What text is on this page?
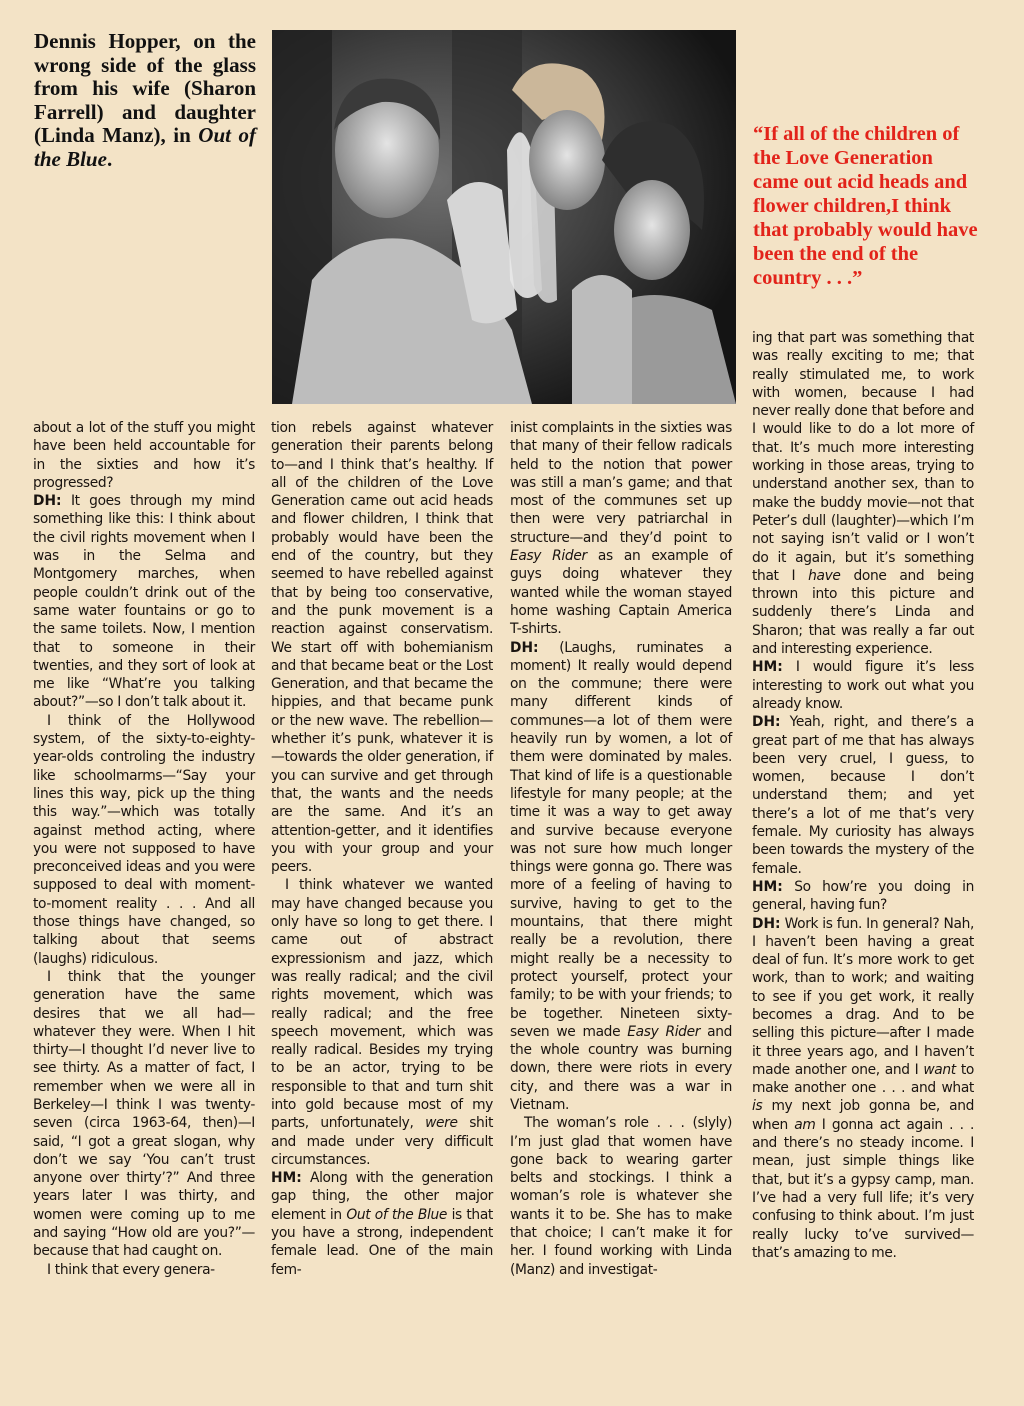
Dennis Hopper, on the wrong side of the glass from his wife (Sharon Farrell) and daughter (Linda Manz), in Out of the Blue.
“If all of the children of the Love Generation came out acid heads and flower children,I think that probably would have been the end of the country . . .”

about a lot of the stuff you might have been held accountable for in the sixties and how it’s progressed?

DH: It goes through my mind something like this: I think about the civil rights movement when I was in the Selma and Montgomery marches, when people couldn’t drink out of the same water fountains or go to the same toilets. Now, I mention that to someone in their twenties, and they sort of look at me like “What’re you talking about?”—so I don’t talk about it.

I think of the Hollywood system, of the sixty-to-eighty-year-olds controling the industry like schoolmarms—“Say your lines this way, pick up the thing this way.”—which was totally against method acting, where you were not supposed to have preconceived ideas and you were supposed to deal with moment-to-moment reality . . . And all those things have changed, so talking about that seems (laughs) ridiculous.

I think that the younger generation have the same desires that we all had—whatever they were. When I hit thirty—I thought I’d never live to see thirty. As a matter of fact, I remember when we were all in Berkeley—I think I was twenty-seven (circa 1963-64, then)—I said, “I got a great slogan, why don’t we say ‘You can’t trust anyone over thirty’?” And three years later I was thirty, and women were coming up to me and saying “How old are you?”—because that had caught on.

I think that every genera-

tion rebels against whatever generation their parents belong to—and I think that’s healthy. If all of the children of the Love Generation came out acid heads and flower children, I think that probably would have been the end of the country, but they seemed to have rebelled against that by being too conservative, and the punk movement is a reaction against conservatism. We start off with bohemianism and that became beat or the Lost Generation, and that became the hippies, and that became punk or the new wave. The rebellion—whether it’s punk, whatever it is—towards the older generation, if you can survive and get through that, the wants and the needs are the same. And it’s an attention-getter, and it identifies you with your group and your peers.

I think whatever we wanted may have changed because you only have so long to get there. I came out of abstract expressionism and jazz, which was really radical; and the civil rights movement, which was really radical; and the free speech movement, which was really radical. Besides my trying to be an actor, trying to be responsible to that and turn shit into gold because most of my parts, unfortunately, were shit and made under very difficult circumstances.

HM: Along with the generation gap thing, the other major element in Out of the Blue is that you have a strong, independent female lead. One of the main fem-

inist complaints in the sixties was that many of their fellow radicals held to the notion that power was still a man’s game; and that most of the communes set up then were very patriarchal in structure—and they’d point to Easy Rider as an example of guys doing whatever they wanted while the woman stayed home washing Captain America T-shirts.

DH: (Laughs, ruminates a moment) It really would depend on the commune; there were many different kinds of communes—a lot of them were heavily run by women, a lot of them were dominated by males. That kind of life is a questionable lifestyle for many people; at the time it was a way to get away and survive because everyone was not sure how much longer things were gonna go. There was more of a feeling of having to survive, having to get to the mountains, that there might really be a revolution, there might really be a necessity to protect yourself, protect your family; to be with your friends; to be together. Nineteen sixty-seven we made Easy Rider and the whole country was burning down, there were riots in every city, and there was a war in Vietnam.

The woman’s role . . . (slyly) I’m just glad that women have gone back to wearing garter belts and stockings. I think a woman’s role is whatever she wants it to be. She has to make that choice; I can’t make it for her. I found working with Linda (Manz) and investigat-

ing that part was something that was really exciting to me; that really stimulated me, to work with women, because I had never really done that before and I would like to do a lot more of that. It’s much more interesting working in those areas, trying to understand another sex, than to make the buddy movie—not that Peter’s dull (laughter)—which I’m not saying isn’t valid or I won’t do it again, but it’s something that I have done and being thrown into this picture and suddenly there’s Linda and Sharon; that was really a far out and interesting experience.

HM: I would figure it’s less interesting to work out what you already know.

DH: Yeah, right, and there’s a great part of me that has always been very cruel, I guess, to women, because I don’t understand them; and yet there’s a lot of me that’s very female. My curiosity has always been towards the mystery of the female.

HM: So how’re you doing in general, having fun?

DH: Work is fun. In general? Nah, I haven’t been having a great deal of fun. It’s more work to get work, than to work; and waiting to see if you get work, it really becomes a drag. And to be selling this picture—after I made it three years ago, and I haven’t made another one, and I want to make another one . . . and what is my next job gonna be, and when am I gonna act again . . . and there’s no steady income. I mean, just simple things like that, but it’s a gypsy camp, man. I’ve had a very full life; it’s very confusing to think about. I’m just really lucky to’ve survived—that’s amazing to me.
